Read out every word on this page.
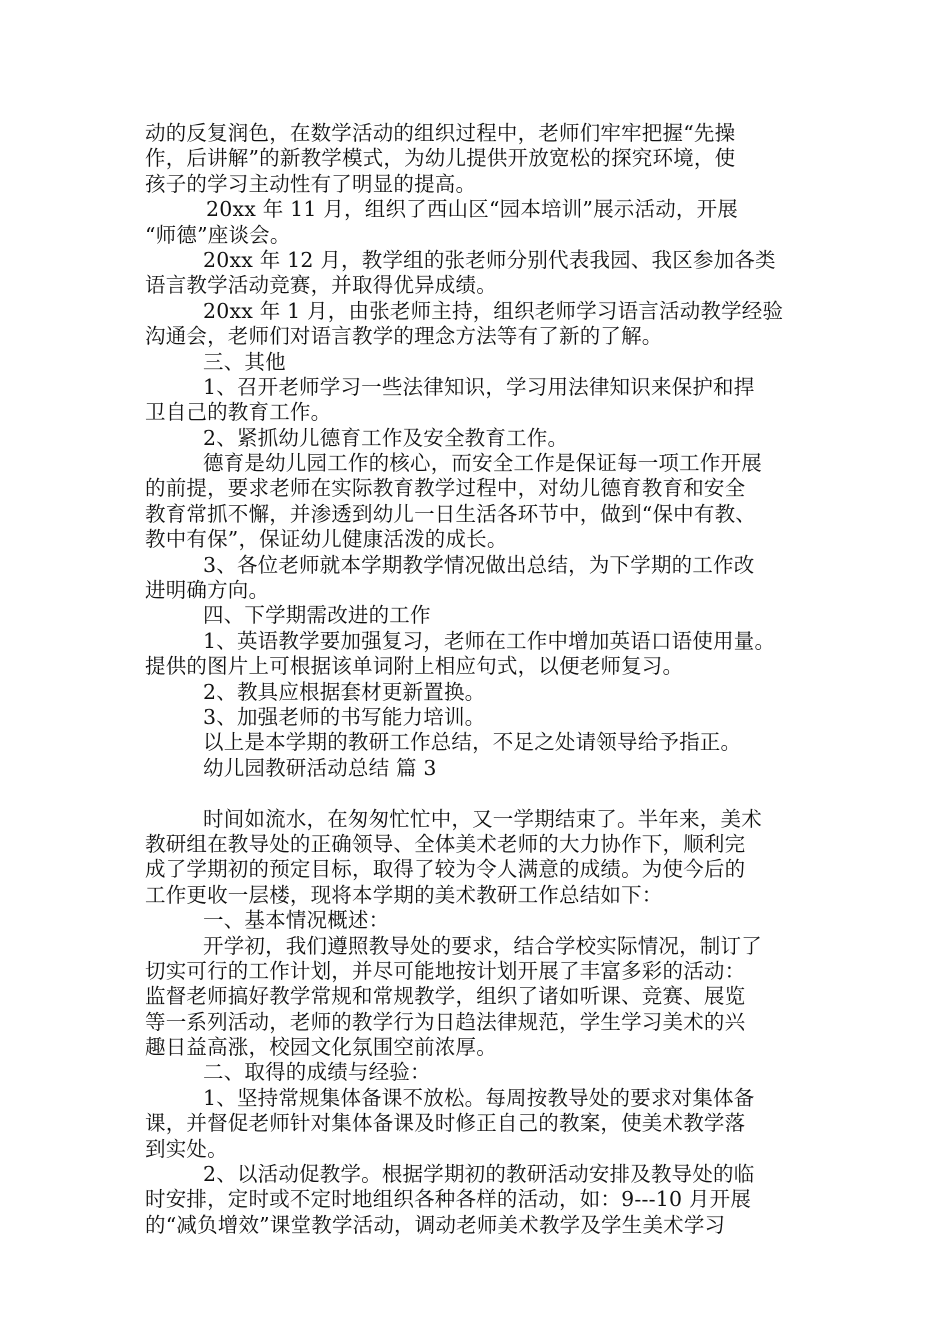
动的反复润色，在数学活动的组织过程中，老师们牢牢把握“先操
作，后讲解”的新教学模式，为幼儿提供开放宽松的探究环境，使
孩子的学习主动性有了明显的提高。
20xx 年 11 月，组织了西山区“园本培训”展示活动，开展
“师德”座谈会。
20xx 年 12 月，教学组的张老师分别代表我园、我区参加各类
语言教学活动竞赛，并取得优异成绩。
20xx 年 1 月，由张老师主持，组织老师学习语言活动教学经验
沟通会，老师们对语言教学的理念方法等有了新的了解。
三、其他
1、召开老师学习一些法律知识，学习用法律知识来保护和捍
卫自己的教育工作。
2、紧抓幼儿德育工作及安全教育工作。
德育是幼儿园工作的核心，而安全工作是保证每一项工作开展
的前提，要求老师在实际教育教学过程中，对幼儿德育教育和安全
教育常抓不懈，并渗透到幼儿一日生活各环节中，做到“保中有教、
教中有保”，保证幼儿健康活泼的成长。
3、各位老师就本学期教学情况做出总结，为下学期的工作改
进明确方向。
四、下学期需改进的工作
1、英语教学要加强复习，老师在工作中增加英语口语使用量。
提供的图片上可根据该单词附上相应句式，以便老师复习。
2、教具应根据套材更新置换。
3、加强老师的书写能力培训。
以上是本学期的教研工作总结，不足之处请领导给予指正。
幼儿园教研活动总结 篇 3
时间如流水，在匆匆忙忙中，又一学期结束了。半年来，美术
教研组在教导处的正确领导、全体美术老师的大力协作下，顺利完
成了学期初的预定目标，取得了较为令人满意的成绩。为使今后的
工作更收一层楼，现将本学期的美术教研工作总结如下：
一、基本情况概述：
开学初，我们遵照教导处的要求，结合学校实际情况，制订了
切实可行的工作计划，并尽可能地按计划开展了丰富多彩的活动：
监督老师搞好教学常规和常规教学，组织了诸如听课、竞赛、展览
等一系列活动，老师的教学行为日趋法律规范，学生学习美术的兴
趣日益高涨，校园文化氛围空前浓厚。
二、取得的成绩与经验：
1、坚持常规集体备课不放松。每周按教导处的要求对集体备
课，并督促老师针对集体备课及时修正自己的教案，使美术教学落
到实处。
2、以活动促教学。根据学期初的教研活动安排及教导处的临
时安排，定时或不定时地组织各种各样的活动，如：9---10 月开展
的“减负增效”课堂教学活动，调动老师美术教学及学生美术学习
